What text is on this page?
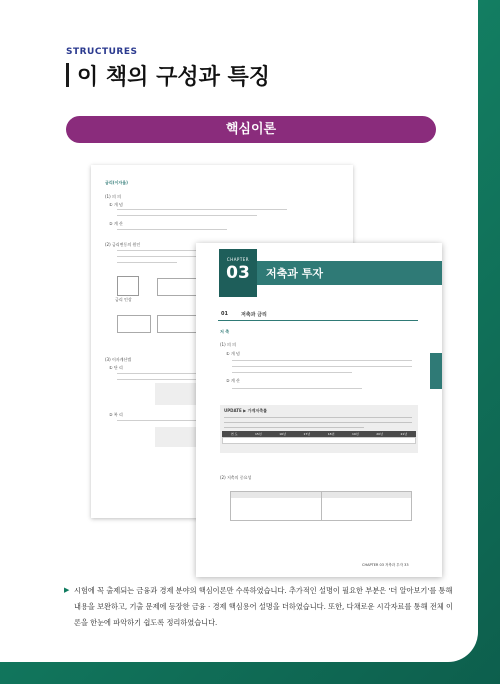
STRUCTURES
이 책의 구성과 특징
핵심이론
금리(이자율)
(1) 의 의
① 개 념
② 계 산
(2) 금리변동의 원인
금리 인상
(3) 이자계산법
① 단 리
② 복 리
CHAPTER
03	저축과 투자
01	저축과 금리
저 축
(1) 의 의
① 개 념
② 계 산
UPDATE ▶ 가계저축률
연 도	15년	16년	17년	18년	19년	20년	21년
(2) 저축의 중요성
CHAPTER 03 저축과 투자 33
▶ 시험에 꼭 출제되는 금융과 경제 분야의 핵심이론만 수록하였습니다. 추가적인 설명이 필요한 부분은 '더 알아보기'를 통해 내용을 보완하고, 기출 문제에 등장한 금융 · 경제 핵심용어 설명을 더하였습니다. 또한, 다채로운 시각자료를 통해 전체 이론을 한눈에 파악하기 쉽도록 정리하였습니다.
